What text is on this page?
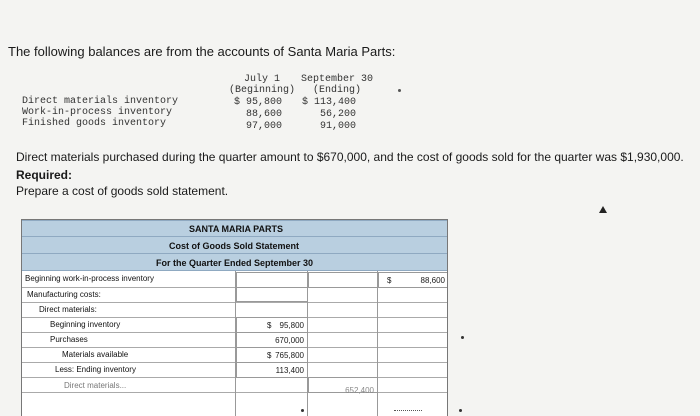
The following balances are from the accounts of Santa Maria Parts:
July 1
(Beginning)
September 30
(Ending)
Direct materials inventory
Work-in-process inventory
Finished goods inventory
$ 95,800
88,600
97,000
$ 113,400
56,200
91,000
Direct materials purchased during the quarter amount to $670,000, and the cost of goods sold for the quarter was $1,930,000.
Required:
Prepare a cost of goods sold statement.
SANTA MARIA PARTS
Cost of Goods Sold Statement
For the Quarter Ended September 30
Beginning work-in-process inventory
Manufacturing costs:
Direct materials:
Beginning inventory
Purchases
Materials available
Less: Ending inventory
Direct materials...
$	88,600
$ 95,800
670,000
$ 765,800
113,400
652,400
